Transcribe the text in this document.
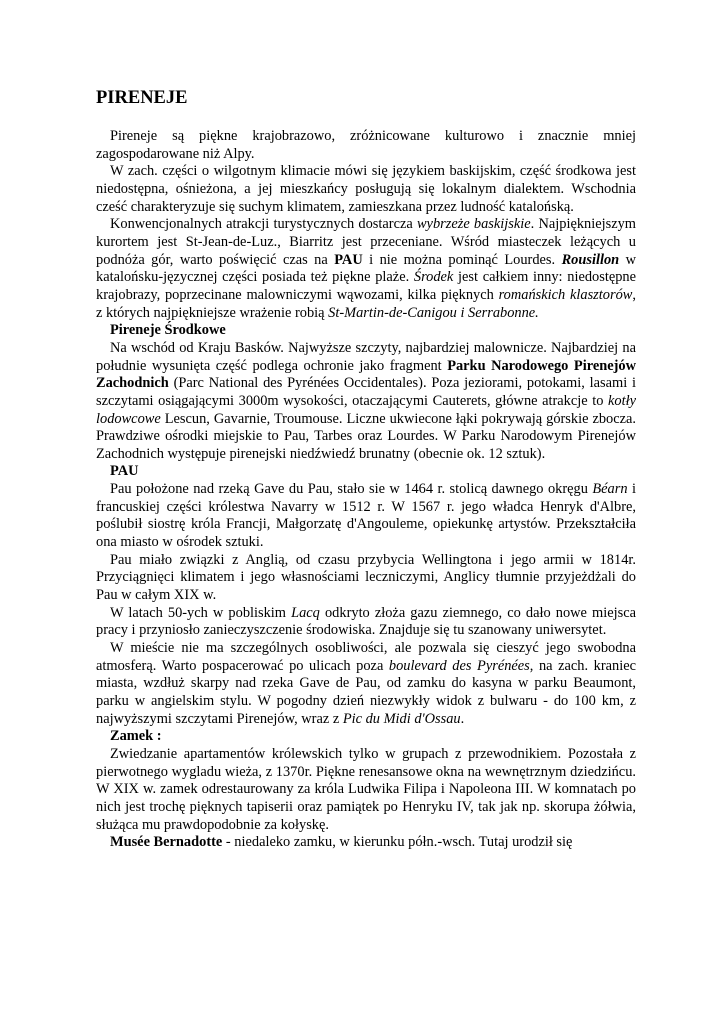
PIRENEJE

Pireneje są piękne krajobrazowo, zróżnicowane kulturowo i znacznie mniej zagospodarowane niż Alpy.

W zach. części o wilgotnym klimacie mówi się językiem baskijskim, część środkowa jest niedostępna, ośnieżona, a jej mieszkańcy posługują się lokalnym dialektem. Wschodnia cześć charakteryzuje się suchym klimatem, zamieszkana przez ludność katalońską.

Konwencjonalnych atrakcji turystycznych dostarcza wybrzeże baskijskie. Najpiękniejszym kurortem jest St-Jean-de-Luz., Biarritz jest przeceniane. Wśród miasteczek leżących u podnóża gór, warto poświęcić czas na PAU i nie można pominąć Lourdes. Rousillon w katalońsku-języcznej części posiada też piękne plaże. Środek jest całkiem inny: niedostępne krajobrazy, poprzecinane malowniczymi wąwozami, kilka pięknych romańskich klasztorów, z których najpiękniejsze wrażenie robią St-Martin-de-Canigou i Serrabonne.

Pireneje Środkowe

Na wschód od Kraju Basków. Najwyższe szczyty, najbardziej malownicze. Najbardziej na południe wysunięta część podlega ochronie jako fragment Parku Narodowego Pirenejów Zachodnich (Parc National des Pyrénées Occidentales). Poza jeziorami, potokami, lasami i szczytami osiągającymi 3000m wysokości, otaczającymi Cauterets, główne atrakcje to kotły lodowcowe Lescun, Gavarnie, Troumouse. Liczne ukwiecone łąki pokrywają górskie zbocza. Prawdziwe ośrodki miejskie to Pau, Tarbes oraz Lourdes. W Parku Narodowym Pirenejów Zachodnich występuje pirenejski niedźwiedź brunatny (obecnie ok. 12 sztuk).

PAU

Pau położone nad rzeką Gave du Pau, stało sie w 1464 r. stolicą dawnego okręgu Béarn i francuskiej części królestwa Navarry w 1512 r. W 1567 r. jego władca Henryk d'Albre, poślubił siostrę króla Francji, Małgorzatę d'Angouleme, opiekunkę artystów. Przekształciła ona miasto w ośrodek sztuki.

Pau miało związki z Anglią, od czasu przybycia Wellingtona i jego armii w 1814r. Przyciągnięci klimatem i jego własnościami leczniczymi, Anglicy tłumnie przyjeżdżali do Pau w całym XIX w.

W latach 50-ych w pobliskim Lacq odkryto złoża gazu ziemnego, co dało nowe miejsca pracy i przyniosło zanieczyszczenie środowiska. Znajduje się tu szanowany uniwersytet.

W mieście nie ma szczególnych osobliwości, ale pozwala się cieszyć jego swobodna atmosferą. Warto pospacerować po ulicach poza boulevard des Pyrénées, na zach. kraniec miasta, wzdłuż skarpy nad rzeka Gave de Pau, od zamku do kasyna w parku Beaumont, parku w angielskim stylu. W pogodny dzień niezwykły widok z bulwaru - do 100 km, z najwyższymi szczytami Pirenejów, wraz z Pic du Midi d'Ossau.

Zamek :

Zwiedzanie apartamentów królewskich tylko w grupach z przewodnikiem. Pozostała z pierwotnego wygladu wieża, z 1370r. Piękne renesansowe okna na wewnętrznym dziedzińcu. W XIX w. zamek odrestaurowany za króla Ludwika Filipa i Napoleona III. W komnatach po nich jest trochę pięknych tapiserii oraz pamiątek po Henryku IV, tak jak np. skorupa żółwia, służąca mu prawdopodobnie za kołyskę.

Musée Bernadotte - niedaleko zamku, w kierunku półn.-wsch. Tutaj urodził się
